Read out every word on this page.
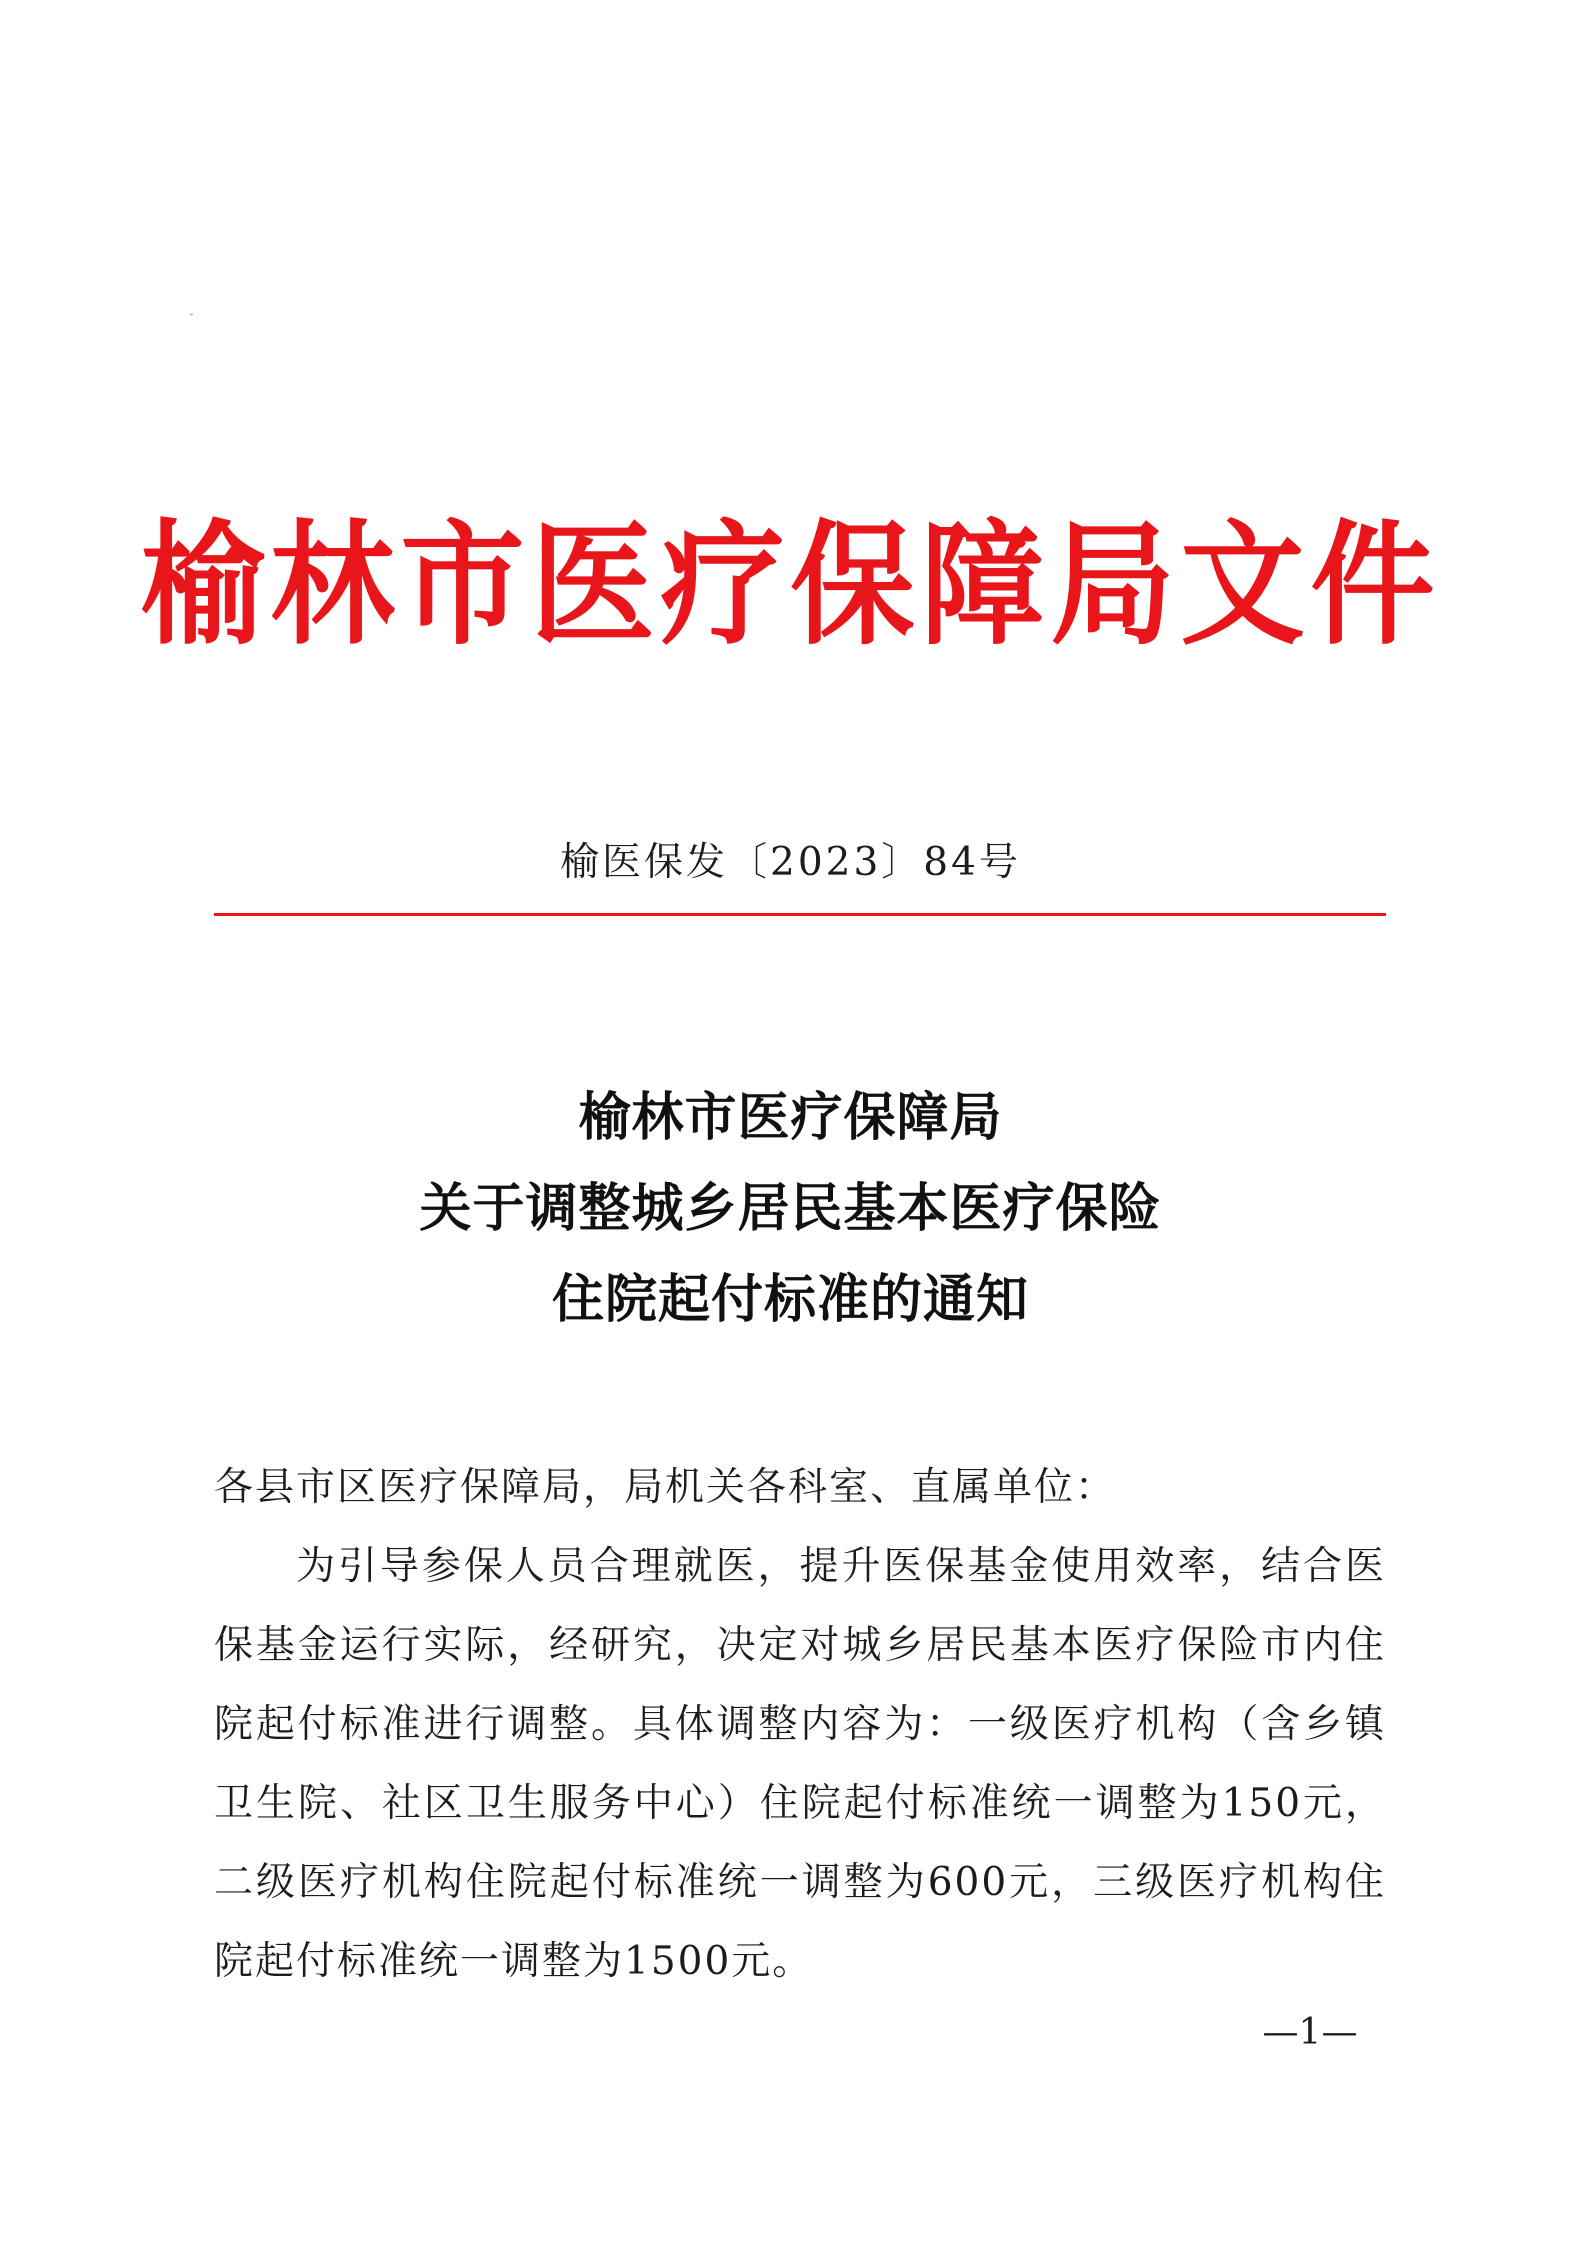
榆林市医疗保障局文件
榆医保发〔2023〕84号
榆林市医疗保障局
关于调整城乡居民基本医疗保险
住院起付标准的通知
各县市区医疗保障局，局机关各科室、直属单位：
为引导参保人员合理就医，提升医保基金使用效率，结合医
保基金运行实际，经研究，决定对城乡居民基本医疗保险市内住
院起付标准进行调整。具体调整内容为：一级医疗机构（含乡镇
卫生院、社区卫生服务中心）住院起付标准统一调整为150元，
二级医疗机构住院起付标准统一调整为600元，三级医疗机构住
院起付标准统一调整为1500元。
—1—
